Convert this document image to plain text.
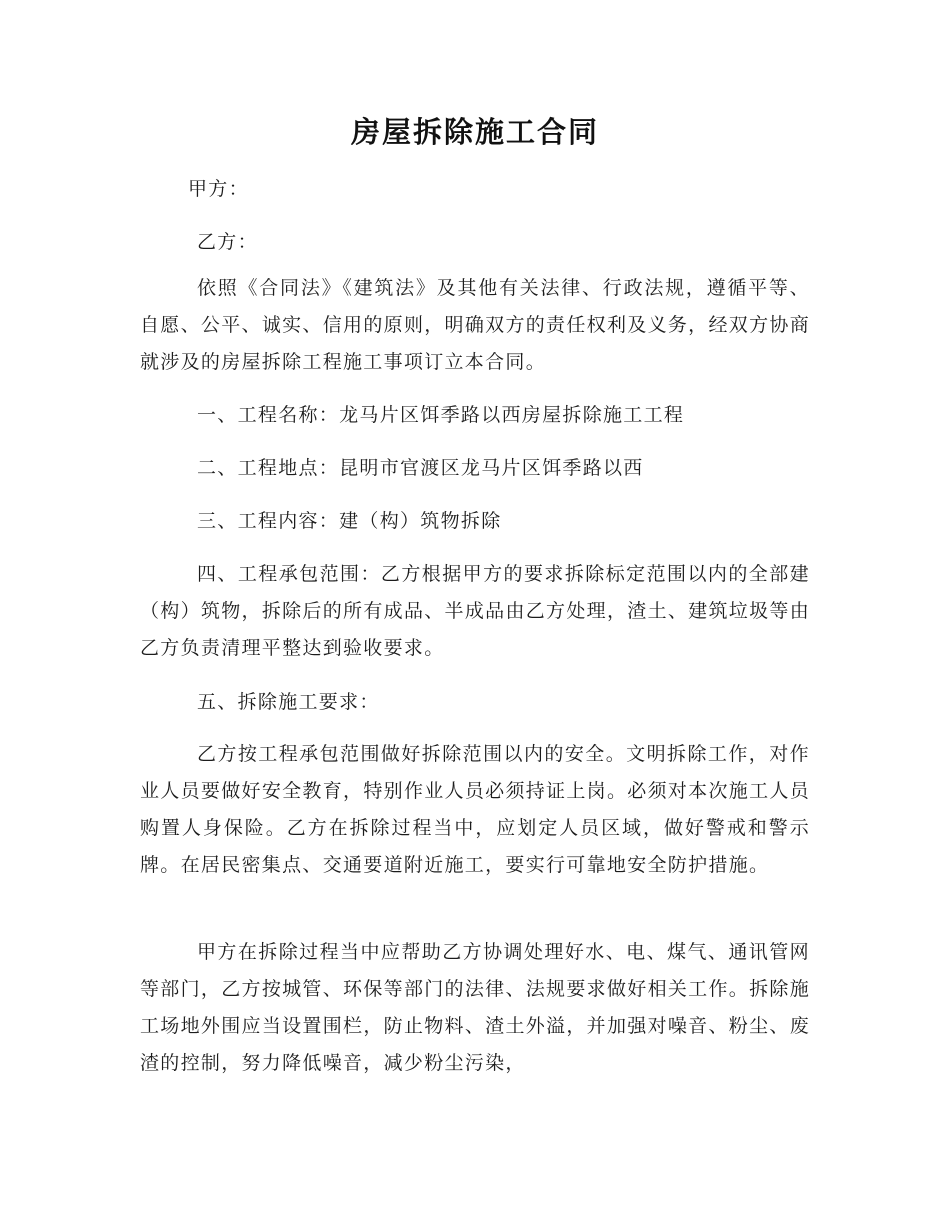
房屋拆除施工合同
甲方：
乙方：
依照《合同法》《建筑法》及其他有关法律、行政法规，遵循平等、自愿、公平、诚实、信用的原则，明确双方的责任权利及义务，经双方协商就涉及的房屋拆除工程施工事项订立本合同。
一、工程名称：龙马片区饵季路以西房屋拆除施工工程
二、工程地点：昆明市官渡区龙马片区饵季路以西
三、工程内容：建（构）筑物拆除
四、工程承包范围：乙方根据甲方的要求拆除标定范围以内的全部建（构）筑物，拆除后的所有成品、半成品由乙方处理，渣土、建筑垃圾等由乙方负责清理平整达到验收要求。
五、拆除施工要求：
乙方按工程承包范围做好拆除范围以内的安全。文明拆除工作，对作业人员要做好安全教育，特别作业人员必须持证上岗。必须对本次施工人员购置人身保险。乙方在拆除过程当中，应划定人员区域，做好警戒和警示牌。在居民密集点、交通要道附近施工，要实行可靠地安全防护措施。
甲方在拆除过程当中应帮助乙方协调处理好水、电、煤气、通讯管网等部门，乙方按城管、环保等部门的法律、法规要求做好相关工作。拆除施工场地外围应当设置围栏，防止物料、渣土外溢，并加强对噪音、粉尘、废渣的控制，努力降低噪音，减少粉尘污染，
